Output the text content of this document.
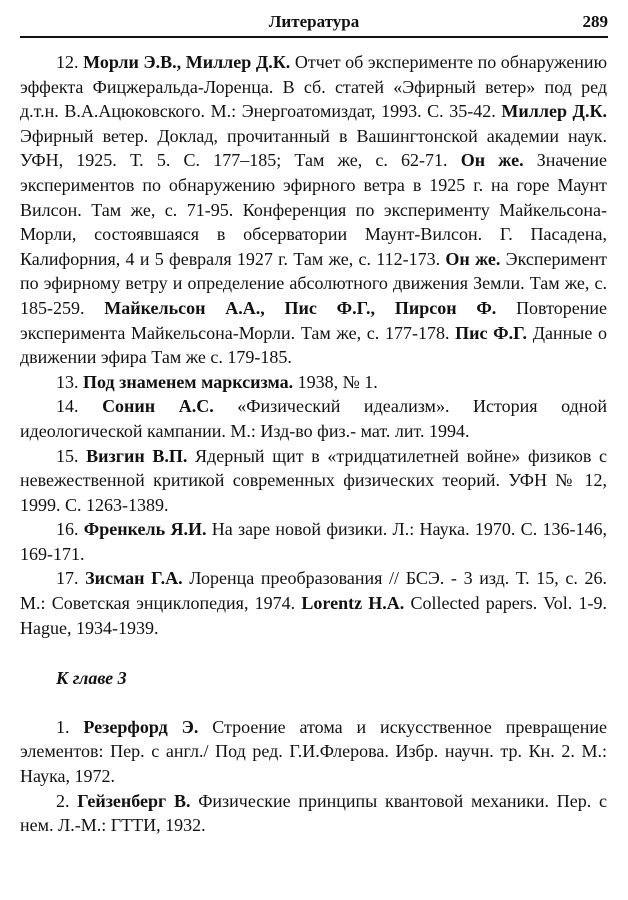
Литература	289

12. Морли Э.В., Миллер Д.К. Отчет об эксперименте по обнаружению эффекта Фицжеральда-Лоренца. В сб. статей «Эфирный ветер» под ред д.т.н. В.А.Ацюковского. М.: Энергоатомиздат, 1993. С. 35-42. Миллер Д.К. Эфирный ветер. Доклад, прочитанный в Вашингтонской академии наук. УФН, 1925. Т. 5. С. 177–185; Там же, с. 62-71. Он же. Значение экспериментов по обнаружению эфирного ветра в 1925 г. на горе Маунт Вилсон. Там же, с. 71-95. Конференция по эксперименту Майкельсона-Морли, состоявшаяся в обсерватории Маунт-Вилсон. Г. Пасадена, Калифорния, 4 и 5 февраля 1927 г. Там же, с. 112-173. Он же. Эксперимент по эфирному ветру и определение абсолютного движения Земли. Там же, с. 185-259. Майкельсон А.А., Пис Ф.Г., Пирсон Ф. Повторение эксперимента Майкельсона-Морли. Там же, с. 177-178. Пис Ф.Г. Данные о движении эфира Там же с. 179-185.

13. Под знаменем марксизма. 1938, № 1.

14. Сонин А.С. «Физический идеализм». История одной идеологической кампании. М.: Изд-во физ.- мат. лит. 1994.

15. Визгин В.П. Ядерный щит в «тридцатилетней войне» физиков с невежественной критикой современных физических теорий. УФН № 12, 1999. С. 1263-1389.

16. Френкель Я.И. На заре новой физики. Л.: Наука. 1970. С. 136-146, 169-171.

17. Зисман Г.А. Лоренца преобразования // БСЭ. - 3 изд. Т. 15, с. 26. М.: Советская энциклопедия, 1974. Lorentz H.A. Collected papers. Vol. 1-9. Hague, 1934-1939.

К главе 3

1. Резерфорд Э. Строение атома и искусственное превращение элементов: Пер. с англ./ Под ред. Г.И.Флерова. Избр. научн. тр. Кн. 2. М.: Наука, 1972.

2. Гейзенберг В. Физические принципы квантовой механики. Пер. с нем. Л.-М.: ГТТИ, 1932.
